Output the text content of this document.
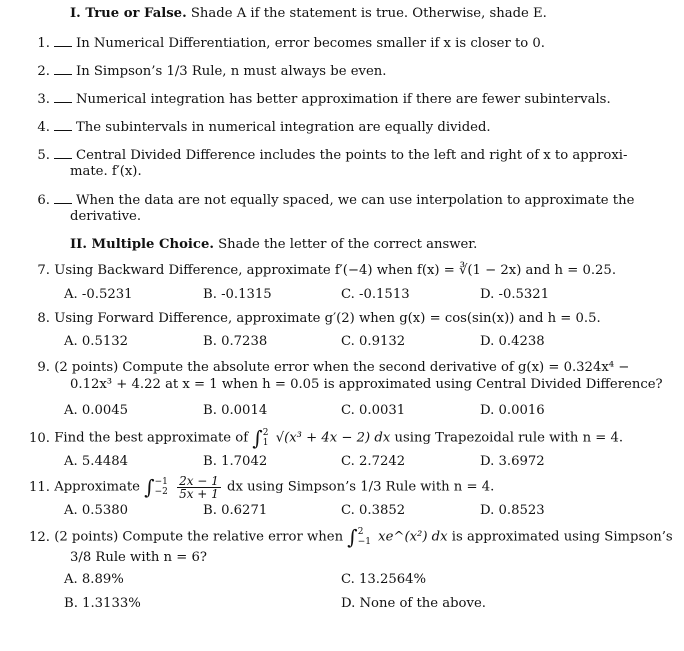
I. True or False. Shade A if the statement is true. Otherwise, shade E.
1. In Numerical Differentiation, error becomes smaller if x is closer to 0.
2. In Simpson’s 1/3 Rule, n must always be even.
3. Numerical integration has better approximation if there are fewer subintervals.
4. The subintervals in numerical integration are equally divided.
5. Central Divided Difference includes the points to the left and right of x to approxi-
mate. f′(x).
6. When the data are not equally spaced, we can use interpolation to approximate the
derivative.
II. Multiple Choice. Shade the letter of the correct answer.
7. Using Backward Difference, approximate f′(−4) when f(x) = ∛(1 − 2x) and h = 0.25.
A. -0.5231	B. -0.1315	C. -0.1513	D. -0.5321
8. Using Forward Difference, approximate g′(2) when g(x) = cos(sin(x)) and h = 0.5.
A. 0.5132	B. 0.7238	C. 0.9132	D. 0.4238
9. (2 points) Compute the absolute error when the second derivative of g(x) = 0.324x⁴ −
0.12x³ + 4.22 at x = 1 when h = 0.05 is approximated using Central Divided Difference?
A. 0.0045	B. 0.0014	C. 0.0031	D. 0.0016
10. Find the best approximate of ∫ 2
1 √(x³ + 4x − 2) dx using Trapezoidal rule with n = 4.
A. 5.4484	B. 1.7042	C. 2.7242	D. 3.6972
11. Approximate ∫ −1
−2
$\frac{2x - 1}{5x + 1}$ dx using Simpson’s 1/3 Rule with n = 4.
A. 0.5380	B. 0.6271	C. 0.3852	D. 0.8523
12. (2 points) Compute the relative error when ∫ 2
−1 xe^(x²) dx is approximated using Simpson’s
3/8 Rule with n = 6?
A. 8.89%	C. 13.2564%
B. 1.3133%	D. None of the above.
